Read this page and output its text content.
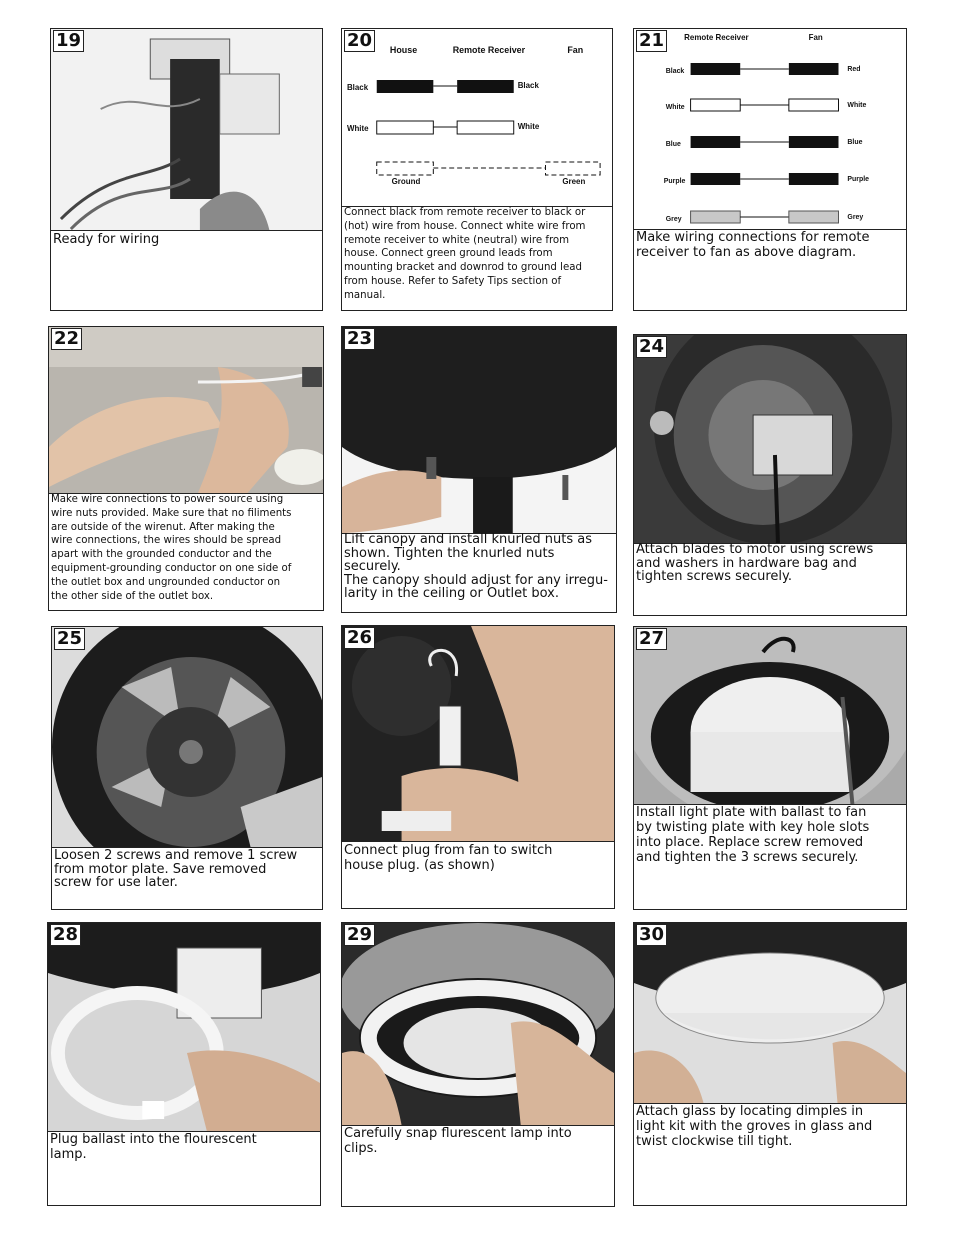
19
Ready for wiring
House	Remote Receiver	Fan
Black	Black
White	White
Ground	Green
20
Connect black from remote receiver to black or
(hot) wire from house. Connect white wire from
remote receiver to white (neutral) wire from
house. Connect green ground leads from
mounting bracket and downrod to ground lead
from house. Refer to Safety Tips section of
manual.
Remote Receiver	Fan
Black	Red
White	White
Blue	Blue
Purple	Purple
Grey	Grey
21
Make wiring connections for remote
receiver to fan as above diagram.
22
Make wire connections to power source using
wire nuts provided. Make sure that no filiments
are outside of the wirenut. After making the
wire connections, the wires should be spread
apart with the grounded conductor and the
equipment-grounding conductor on one side of
the outlet box and ungrounded conductor on
the other side of the outlet box.
23
Lift canopy and install knurled nuts as
shown. Tighten the knurled nuts securely.
The canopy should adjust for any irregu-
larity in the ceiling or Outlet box.
24
Attach blades to motor using screws
and washers in hardware bag and
tighten screws securely.
25
Loosen 2 screws and remove 1 screw
from motor plate. Save removed
screw for use later.
26
Connect plug from fan to switch
house plug. (as shown)
27
Install light plate with ballast to fan
by twisting plate with key hole slots
into place. Replace screw removed
and tighten the 3 screws securely.
28
Plug ballast into the flourescent
lamp.
29
Carefully snap flurescent lamp into
clips.
30
Attach glass by locating dimples in
light kit with the groves in glass and
twist clockwise till tight.
